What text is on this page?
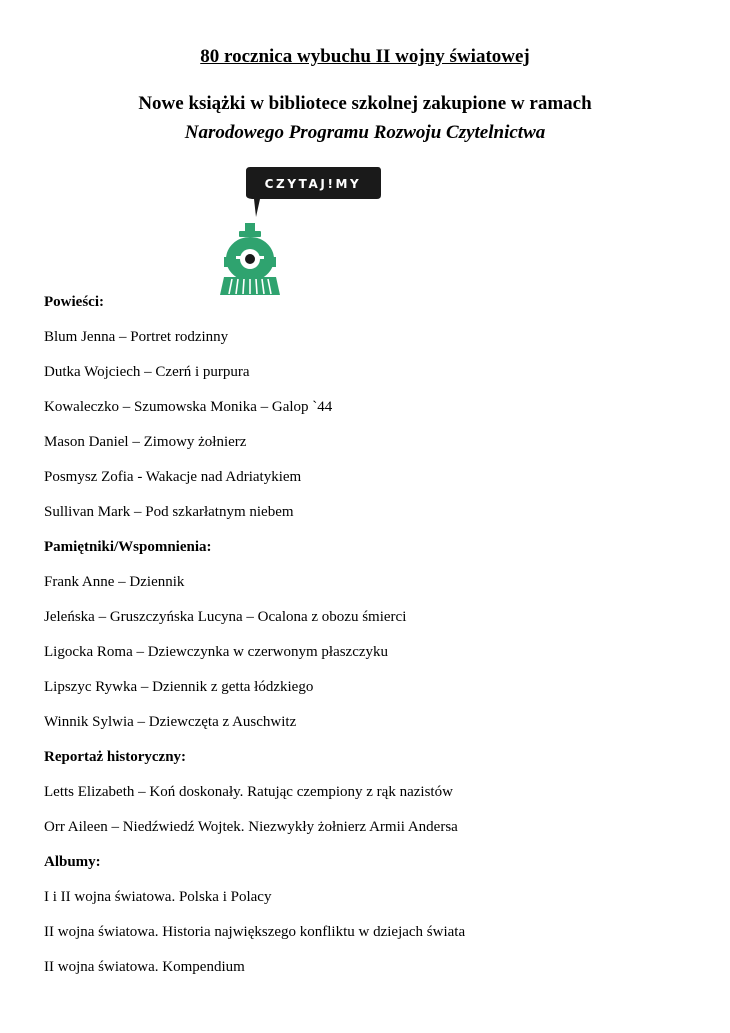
80 rocznica wybuchu II wojny światowej
Nowe książki w bibliotece szkolnej zakupione w ramach
Narodowego Programu Rozwoju Czytelnictwa
CZYTAJ!MY
Powieści:
Blum Jenna – Portret rodzinny
Dutka Wojciech – Czerń i purpura
Kowaleczko – Szumowska Monika – Galop `44
Mason Daniel – Zimowy żołnierz
Posmysz Zofia - Wakacje nad Adriatykiem
Sullivan Mark – Pod szkarłatnym niebem
Pamiętniki/Wspomnienia:
Frank Anne – Dziennik
Jeleńska – Gruszczyńska Lucyna – Ocalona z obozu śmierci
Ligocka Roma – Dziewczynka w czerwonym płaszczyku
Lipszyc Rywka – Dziennik z getta łódzkiego
Winnik Sylwia – Dziewczęta z Auschwitz
Reportaż historyczny:
Letts Elizabeth – Koń doskonały. Ratując czempiony z rąk nazistów
Orr Aileen – Niedźwiedź Wojtek. Niezwykły żołnierz Armii Andersa
Albumy:
I i II wojna światowa. Polska i Polacy
II wojna światowa. Historia największego konfliktu w dziejach świata
II wojna światowa. Kompendium
